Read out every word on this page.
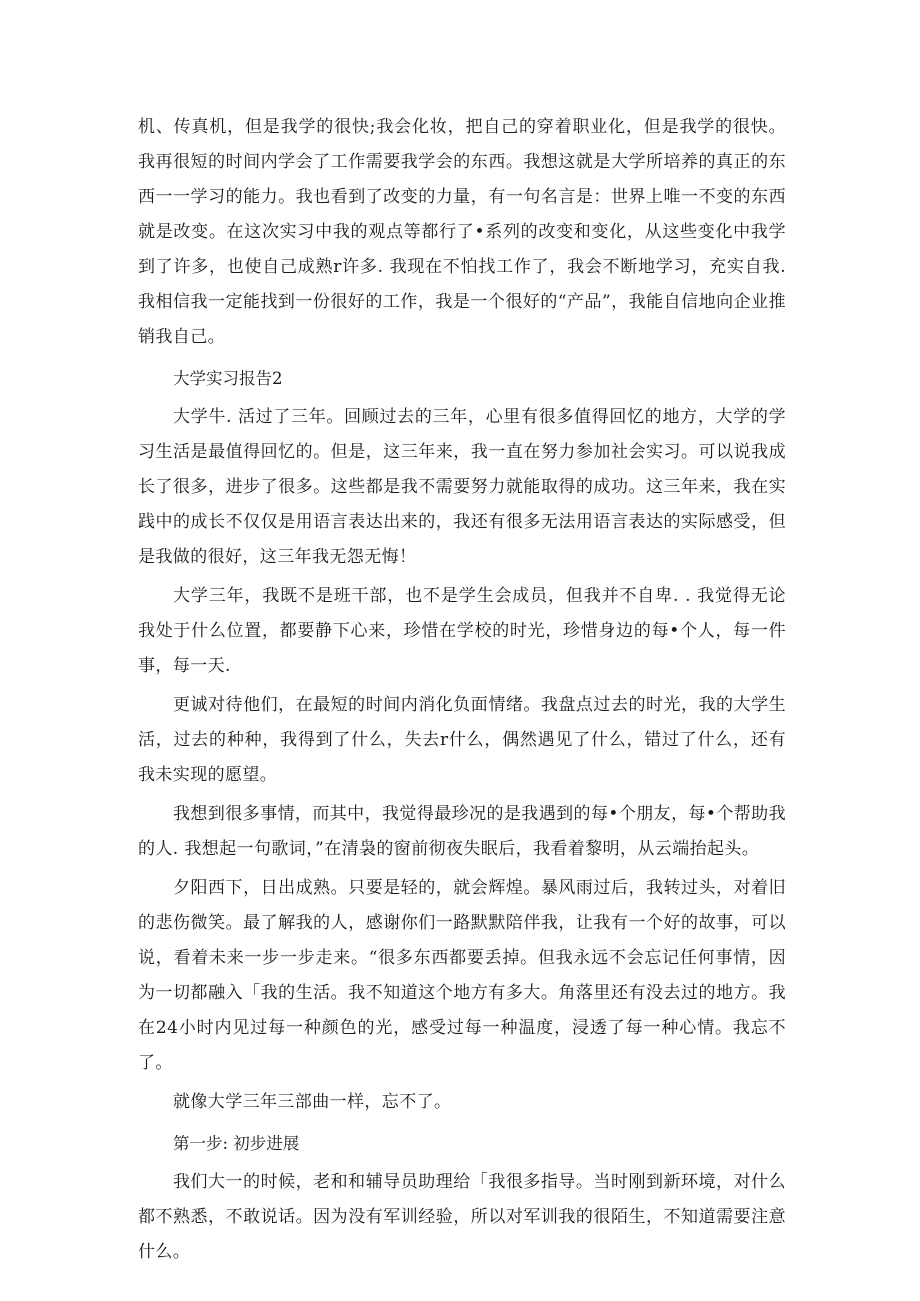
机、传真机，但是我学的很快;我会化妆，把自己的穿着职业化，但是我学的很快。我再很短的时间内学会了工作需要我学会的东西。我想这就是大学所培养的真正的东西一一学习的能力。我也看到了改变的力量，有一句名言是：世界上唯一不变的东西就是改变。在这次实习中我的观点等都行了•系列的改变和变化，从这些变化中我学到了许多，也使自己成熟r许多. 我现在不怕找工作了，我会不断地学习，充实自我. 我相信我一定能找到一份很好的工作，我是一个很好的“产品”，我能自信地向企业推销我自己。

大学实习报告2

大学牛. 活过了三年。回顾过去的三年，心里有很多值得回忆的地方，大学的学习生活是最值得回忆的。但是，这三年来，我一直在努力参加社会实习。可以说我成长了很多，进步了很多。这些都是我不需要努力就能取得的成功。这三年来，我在实践中的成长不仅仅是用语言表达出来的，我还有很多无法用语言表达的实际感受，但是我做的很好，这三年我无怨无悔！

大学三年，我既不是班干部，也不是学生会成员，但我并不自卑. . 我觉得无论我处于什么位置，都要静下心来，珍惜在学校的时光，珍惜身边的每•个人，每一件事，每一天.

更诚对待他们，在最短的时间内消化负面情绪。我盘点过去的时光，我的大学生活，过去的种种，我得到了什么，失去r什么，偶然遇见了什么，错过了什么，还有我未实现的愿望。

我想到很多事情，而其中，我觉得最珍况的是我遇到的每•个朋友，每•个帮助我的人. 我想起一句歌词，”在清袅的窗前彻夜失眠后，我看着黎明，从云端抬起头。

夕阳西下，日出成熟。只要是轻的，就会辉煌。暴风雨过后，我转过头，对着旧的悲伤微笑。最了解我的人，感谢你们一路默默陪伴我，让我有一个好的故事，可以说，看着未来一步一步走来。“很多东西都要丢掉。但我永远不会忘记任何事情，因为一切都融入「我的生活。我不知道这个地方有多大。角落里还有没去过的地方。我在24小时内见过每一种颜色的光，感受过每一种温度，浸透了每一种心情。我忘不了。

就像大学三年三部曲一样，忘不了。

第一步: 初步进展

我们大一的时候，老和和辅导员助理给「我很多指导。当时刚到新环境，对什么都不熟悉，不敢说话。因为没有军训经验，所以对军训我的很陌生，不知道需要注意什么。
